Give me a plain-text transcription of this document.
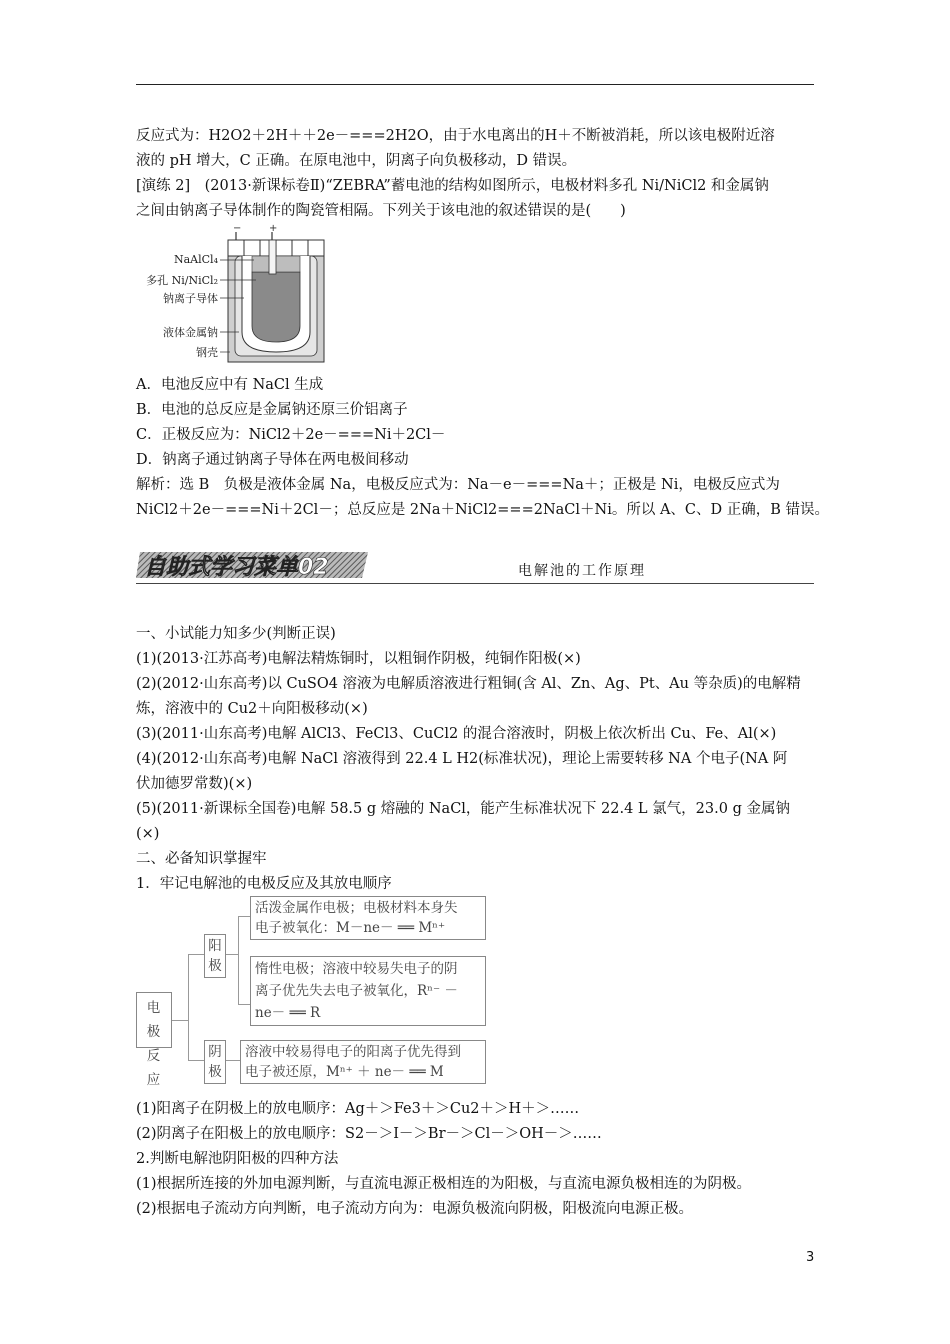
反应式为：H2O2＋2H＋＋2e－===2H2O，由于水电离出的H＋不断被消耗，所以该电极附近溶

液的 pH 增大，C 正确。在原电池中，阴离子向负极移动，D 错误。

[演练 2]　(2013·新课标卷Ⅱ)“ZEBRA”蓄电池的结构如图所示，电极材料多孔 Ni/NiCl2 和金属钠

之间由钠离子导体制作的陶瓷管相隔。下列关于该电池的叙述错误的是(　　)

−	+
NaAlCl₄
多孔 Ni/NiCl₂
钠离子导体
液体金属钠
钢壳

A．电池反应中有 NaCl 生成

B．电池的总反应是金属钠还原三价铝离子

C．正极反应为：NiCl2＋2e－===Ni＋2Cl－

D．钠离子通过钠离子导体在两电极间移动

解析：选 B　负极是液体金属 Na，电极反应式为：Na－e－===Na＋；正极是 Ni，电极反应式为

NiCl2＋2e－===Ni＋2Cl－；总反应是 2Na＋NiCl2===2NaCl＋Ni。所以 A、C、D 正确，B 错误。

自助式学习菜单02	电解池的工作原理

一、小试能力知多少(判断正误)

(1)(2013·江苏高考)电解法精炼铜时，以粗铜作阴极，纯铜作阳极(×)

(2)(2012·山东高考)以 CuSO4 溶液为电解质溶液进行粗铜(含 Al、Zn、Ag、Pt、Au 等杂质)的电解精

炼，溶液中的 Cu2＋向阳极移动(×)

(3)(2011·山东高考)电解 AlCl3、FeCl3、CuCl2 的混合溶液时，阴极上依次析出 Cu、Fe、Al(×)

(4)(2012·山东高考)电解 NaCl 溶液得到 22.4 L H2(标准状况)，理论上需要转移 NA 个电子(NA 阿

伏加德罗常数)(×)

(5)(2011·新课标全国卷)电解 58.5 g 熔融的 NaCl，能产生标准状况下 22.4 L 氯气，23.0 g 金属钠

(×)

二、必备知识掌握牢

1．牢记电解池的电极反应及其放电顺序

电极反应
阳极
活泼金属作电极；电极材料本身失
电子被氧化：M－ne－ ══ Mⁿ⁺
惰性电极；溶液中较易失电子的阴
离子优先失去电子被氧化，Rⁿ⁻ －
ne－ ══ R
阴极
溶液中较易得电子的阳离子优先得到
电子被还原，Mⁿ⁺ ＋ ne－ ══ M

(1)阳离子在阴极上的放电顺序：Ag＋＞Fe3＋＞Cu2＋＞H＋＞……

(2)阴离子在阳极上的放电顺序：S2－＞I－＞Br－＞Cl－＞OH－＞……

2.判断电解池阴阳极的四种方法

(1)根据所连接的外加电源判断，与直流电源正极相连的为阳极，与直流电源负极相连的为阴极。

(2)根据电子流动方向判断，电子流动方向为：电源负极流向阴极，阳极流向电源正极。

3
